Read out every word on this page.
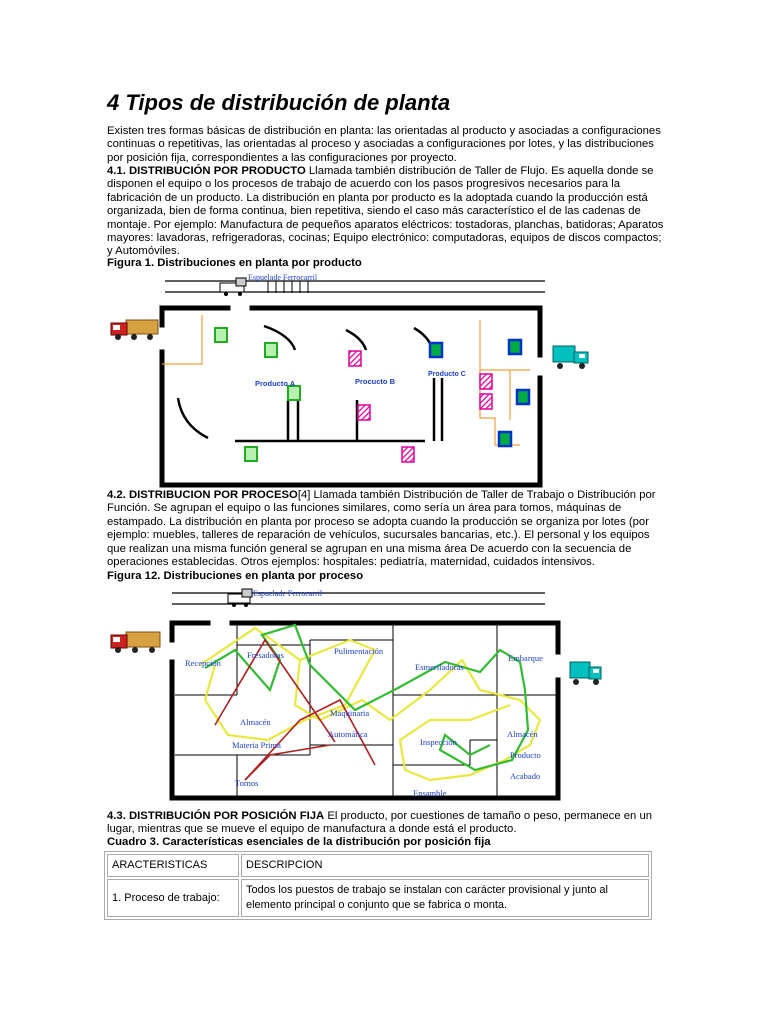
4 Tipos de distribución de planta

Existen tres formas básicas de distribución en planta: las orientadas al producto y asociadas a configuraciones continuas o repetitivas, las orientadas al proceso y asociadas a configuraciones por lotes, y las distribuciones por posición fija, correspondientes a las configuraciones por proyecto.

4.1. DISTRIBUCIÓN POR PRODUCTO Llamada también distribución de Taller de Flujo. Es aquella donde se disponen el equipo o los procesos de trabajo de acuerdo con los pasos progresivos necesarios para la fabricación de un producto. La distribución en planta por producto es la adoptada cuando la producción está organizada, bien de forma continua, bien repetitiva, siendo el caso más característico el de las cadenas de montaje. Por ejemplo: Manufactura de pequeños aparatos eléctricos: tostadoras, planchas, batidoras; Aparatos mayores: lavadoras, refrigeradoras, cocinas; Equipo electrónico: computadoras, equipos de discos compactos; y Automóviles.

Figura 1. Distribuciones en planta por producto

Espuelade Ferrocarril
Producto A	Procucto B
Producto C

4.2. DISTRIBUCION POR PROCESO[4] Llamada también Distribución de Taller de Trabajo o Distribución por Función. Se agrupan el equipo o las funciones similares, como sería un área para tomos, máquinas de estampado. La distribución en planta por proceso se adopta cuando la producción se organiza por lotes (por ejemplo: muebles, talleres de reparación de vehículos, sucursales bancarias, etc.). El personal y los equipos que realizan una misma función general se agrupan en una misma área De acuerdo con la secuencia de operaciones establecidas. Otros ejemplos: hospitales: pediatría, maternidad, cuidados intensivos.

Figura 12. Distribuciones en planta por proceso

Espuelade Ferrocarril
Recepción
Fresadoras	Pulimentación
Esmeriladoras
Embarque
Almacén
Materia Prima
Maquinaria
Automática
Inspección
Almacén
Producto
Acabado
Tornos
Ensamble

4.3. DISTRIBUCIÓN POR POSICIÓN FIJA El producto, por cuestiones de tamaño o peso, permanece en un lugar, mientras que se mueve el equipo de manufactura a donde está el producto.

Cuadro 3. Características esenciales de la distribución por posición fija

ARACTERISTICAS	DESCRIPCION
1. Proceso de trabajo:	Todos los puestos de trabajo se instalan con carácter provisional y junto al elemento principal o conjunto que se fabrica o monta.
